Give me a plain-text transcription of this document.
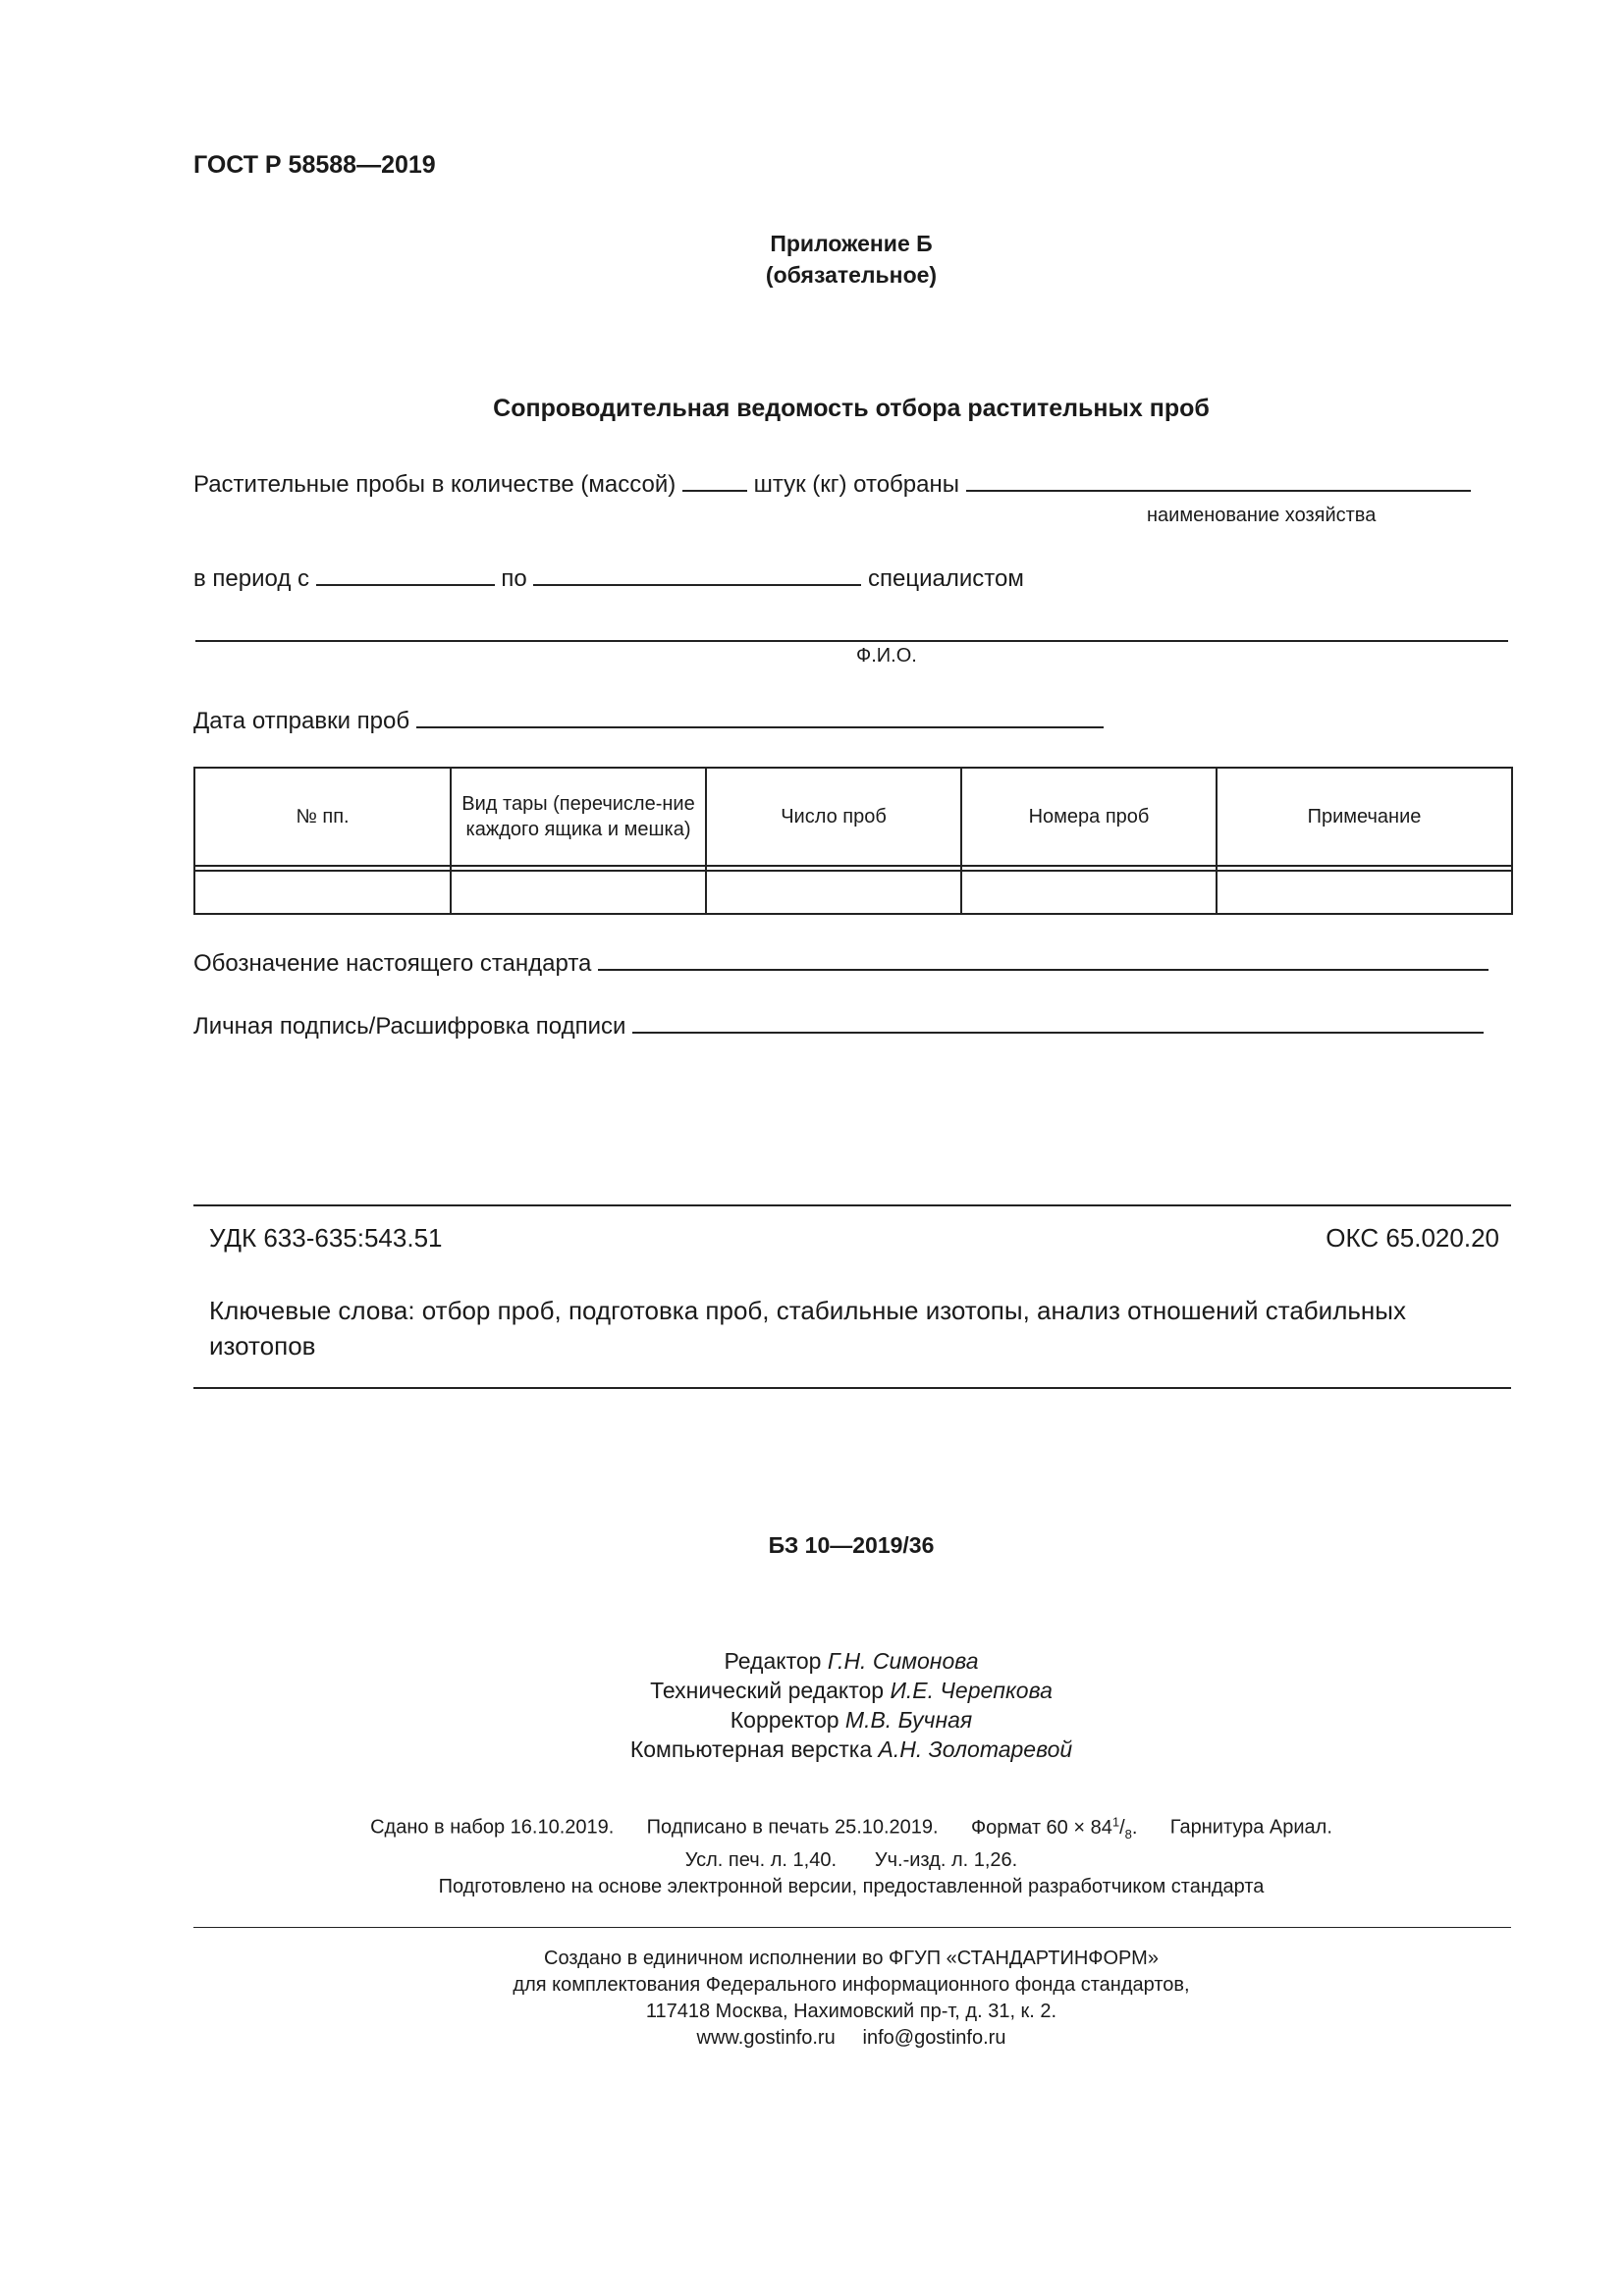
ГОСТ Р 58588—2019
Приложение Б
(обязательное)
Сопроводительная ведомость отбора растительных проб
Растительные пробы в количестве (массой)	штук (кг) отобраны
наименование хозяйства
в период с	по	специалистом
Ф.И.О.
Дата отправки проб
№ пп.	Вид тары (перечисле-ние каждого ящика и мешка)	Число проб	Номера проб	Примечание

Обозначение настоящего стандарта
Личная подпись/Расшифровка подписи
УДК 633-635:543.51	ОКС 65.020.20
Ключевые слова: отбор проб, подготовка проб, стабильные изотопы, анализ отношений стабильных изотопов
БЗ 10—2019/36
Редактор Г.Н. Симонова
Технический редактор И.Е. Черепкова
Корректор М.В. Бучная
Компьютерная верстка А.Н. Золотаревой
Сдано в набор 16.10.2019. Подписано в печать 25.10.2019. Формат $60 \times 84^1/_8$. Гарнитура Ариал.
Усл. печ. л. 1,40. Уч.-изд. л. 1,26.
Подготовлено на основе электронной версии, предоставленной разработчиком стандарта
Создано в единичном исполнении во ФГУП «СТАНДАРТИНФОРМ»
для комплектования Федерального информационного фонда стандартов,
117418 Москва, Нахимовский пр-т, д. 31, к. 2.
www.gostinfo.ru info@gostinfo.ru
